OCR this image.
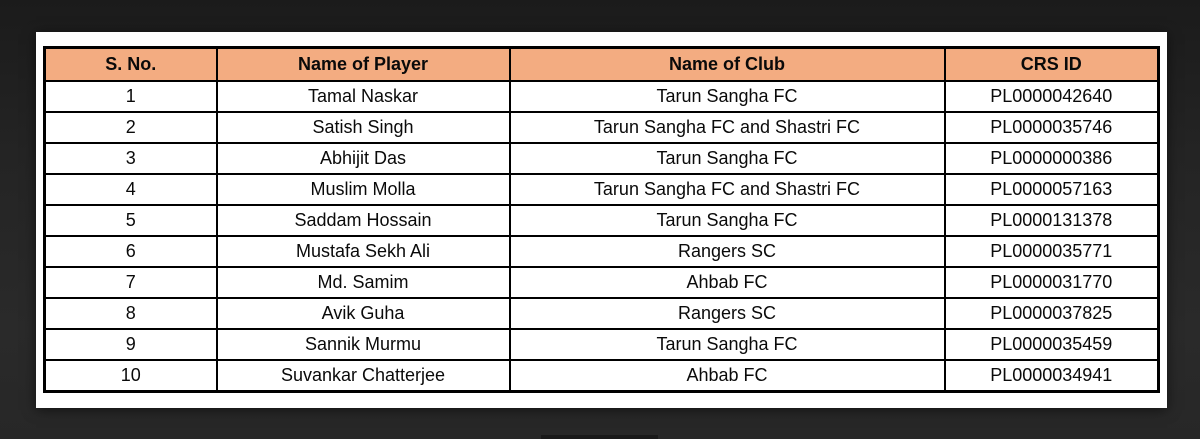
S. No.	Name of Player	Name of Club	CRS ID
1	Tamal Naskar	Tarun Sangha FC	PL0000042640
2	Satish Singh	Tarun Sangha FC and Shastri FC	PL0000035746
3	Abhijit Das	Tarun Sangha FC	PL0000000386
4	Muslim Molla	Tarun Sangha FC and Shastri FC	PL0000057163
5	Saddam Hossain	Tarun Sangha FC	PL0000131378
6	Mustafa Sekh Ali	Rangers SC	PL0000035771
7	Md. Samim	Ahbab FC	PL0000031770
8	Avik Guha	Rangers SC	PL0000037825
9	Sannik Murmu	Tarun Sangha FC	PL0000035459
10	Suvankar Chatterjee	Ahbab FC	PL0000034941
